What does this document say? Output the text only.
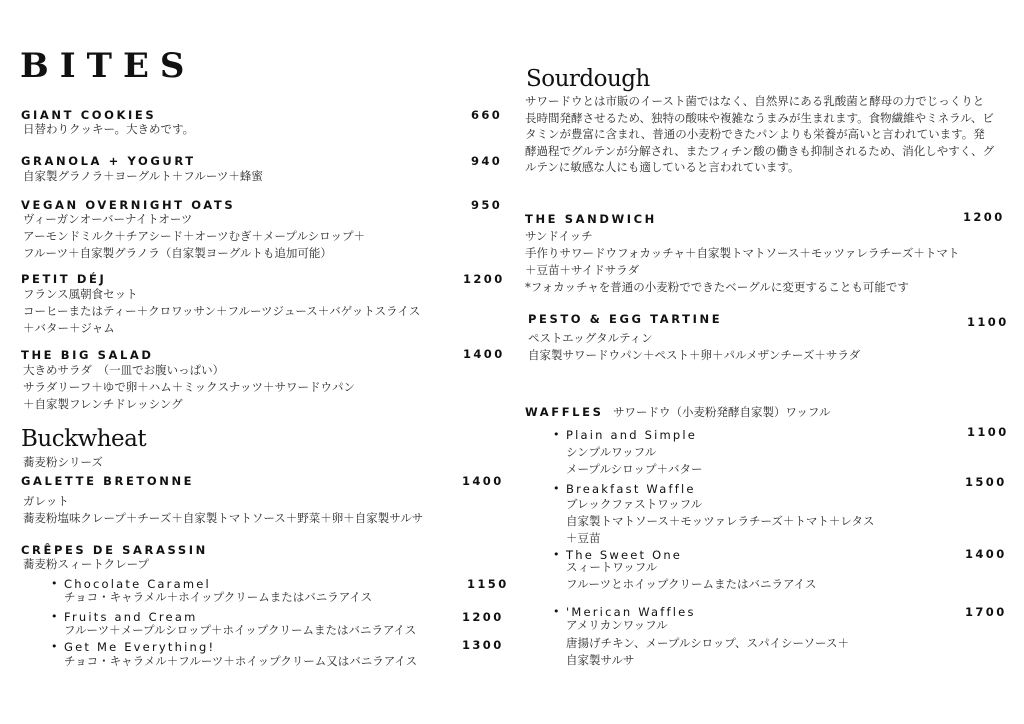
BITES
GIANT COOKIES	660
日替わりクッキー。大きめです。
GRANOLA + YOGURT	940
自家製グラノラ＋ヨーグルト＋フルーツ＋蜂蜜
VEGAN OVERNIGHT OATS	950
ヴィーガンオーバーナイトオーツ
アーモンドミルク＋チアシード＋オーツむぎ＋メープルシロップ＋
フルーツ＋自家製グラノラ（自家製ヨーグルトも追加可能）
PETIT DÉJ	1200
フランス風朝食セット
コーヒーまたはティー＋クロワッサン＋フルーツジュース＋バゲットスライス
＋バター＋ジャム
THE BIG SALAD	1400
大きめサラダ　（一皿でお腹いっぱい）
サラダリーフ＋ゆで卵＋ハム＋ミックスナッツ＋サワードウパン
＋自家製フレンチドレッシング
Buckwheat
蕎麦粉シリーズ
GALETTE BRETONNE	1400
ガレット
蕎麦粉塩味クレープ＋チーズ＋自家製トマトソース＋野菜＋卵＋自家製サルサ
CRÊPES DE SARASSIN
蕎麦粉スィートクレープ
• Chocolate Caramel	1150
チョコ・キャラメル＋ホイップクリームまたはバニラアイス
• Fruits and Cream	1200
フルーツ＋メープルシロップ＋ホイップクリームまたはバニラアイス
• Get Me Everything!	1300
チョコ・キャラメル＋フルーツ＋ホイップクリーム又はバニラアイス
Sourdough
サワードウとは市販のイースト菌ではなく、自然界にある乳酸菌と酵母の力でじっくりと長時間発酵させるため、独特の酸味や複雑なうまみが生まれます。食物繊維やミネラル、ビタミンが豊富に含まれ、普通の小麦粉できたパンよりも栄養が高いと言われています。発酵過程でグルテンが分解され、またフィチン酸の働きも抑制されるため、消化しやすく、グルテンに敏感な人にも適していると言われています。
THE SANDWICH	1200
サンドイッチ
手作りサワードウフォカッチャ＋自家製トマトソース＋モッツァレラチーズ＋トマト
＋豆苗＋サイドサラダ
*フォカッチャを普通の小麦粉でできたベーグルに変更することも可能です
PESTO & EGG TARTINE	1100
ペストエッグタルティン
自家製サワードウパン＋ペスト＋卵＋パルメザンチーズ＋サラダ
WAFFLES サワードウ（小麦粉発酵自家製）ワッフル
• Plain and Simple	1100
シンプルワッフル
メープルシロップ＋バター
• Breakfast Waffle	1500
ブレックファストワッフル
自家製トマトソース＋モッツァレラチーズ＋トマト＋レタス
＋豆苗
• The Sweet One	1400
スィートワッフル
フルーツとホイップクリームまたはバニラアイス
• 'Merican Waffles	1700
アメリカンワッフル
唐揚げチキン、メープルシロップ、スパイシーソース＋
自家製サルサ
